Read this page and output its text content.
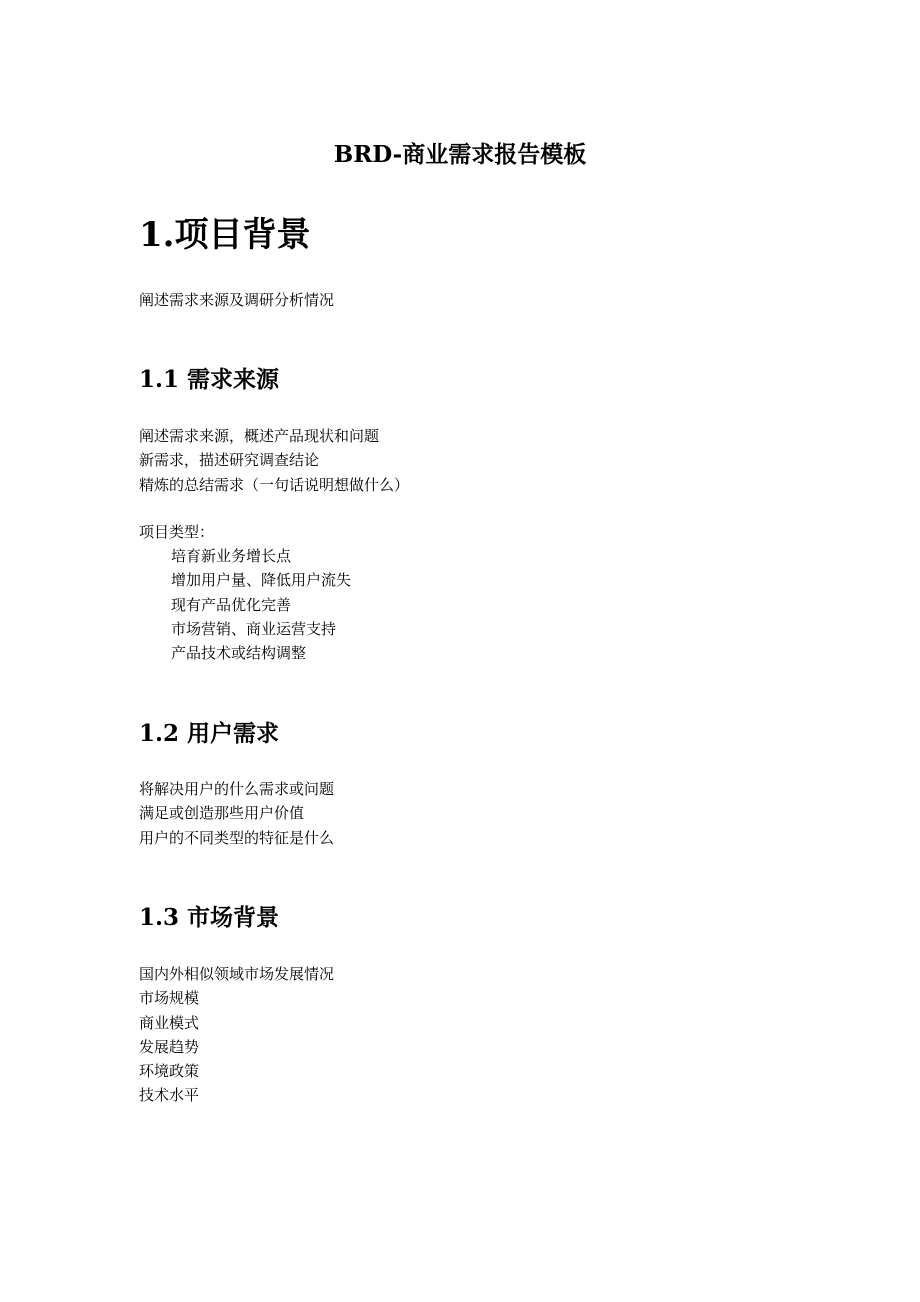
BRD-商业需求报告模板
1.项目背景

阐述需求来源及调研分析情况

1.1 需求来源
阐述需求来源，概述产品现状和问题
新需求，描述研究调查结论
精炼的总结需求（一句话说明想做什么）

项目类型：

培育新业务增长点
增加用户量、降低用户流失
现有产品优化完善
市场营销、商业运营支持
产品技术或结构调整
1.2 用户需求
将解决用户的什么需求或问题
满足或创造那些用户价值
用户的不同类型的特征是什么
1.3 市场背景
国内外相似领域市场发展情况
市场规模
商业模式
发展趋势
环境政策
技术水平
